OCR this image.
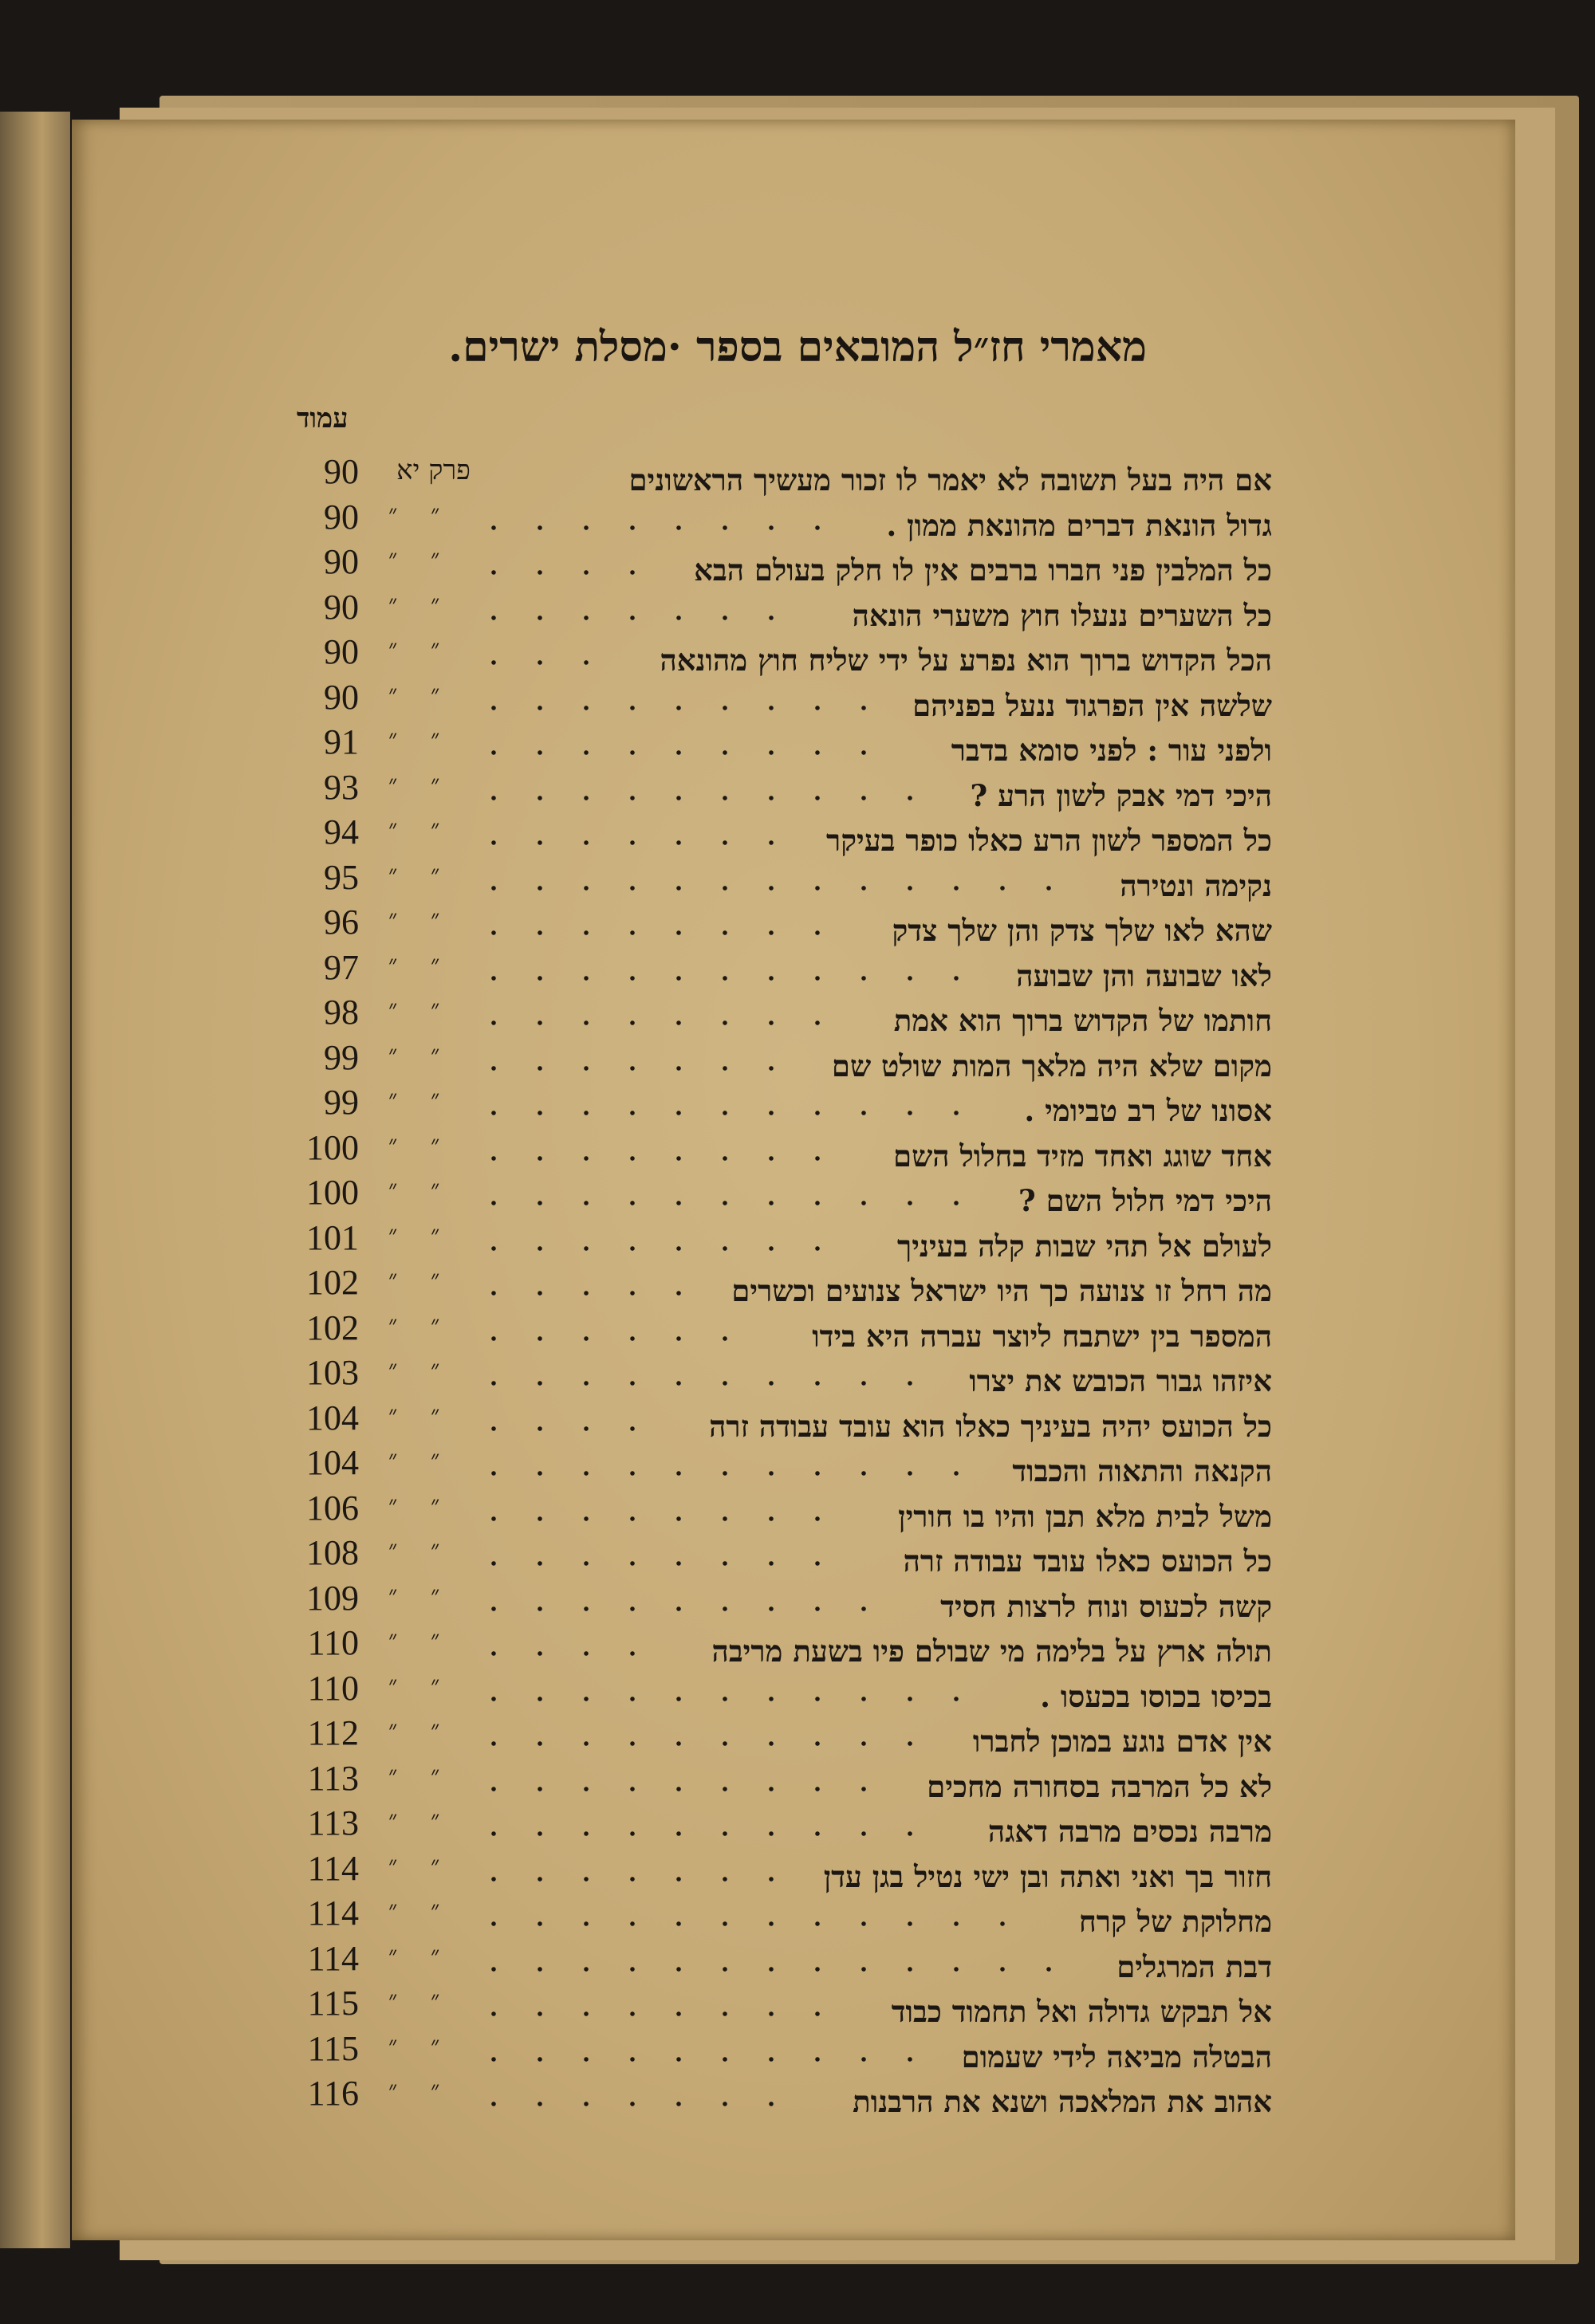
מאמרי חז״ל המובאים בספר ·מסלת ישרים.
עמוד
90	פרק יא	אם היה בעל תשובה לא יאמר לו זכור מעשיך הראשונים
90 ״ ״	גדול הונאת דברים מהונאת ממון .
90 ״ ״	כל המלבין פני חברו ברבים אין לו חלק בעולם הבא
90 ״ ״	כל השערים ננעלו חוץ משערי הונאה
90 ״ ״	הכל הקדוש ברוך הוא נפרע על ידי שליח חוץ מהונאה
90 ״ ״	שלשה אין הפרגוד ננעל בפניהם
91 ״ ״	ולפני עור : לפני סומא בדבר
93 ״ ״	היכי דמי אבק לשון הרע ?
94 ״ ״	כל המספר לשון הרע כאלו כופר בעיקר
95 ״ ״	נקימה ונטירה
96 ״ ״	שהא לאו שלך צדק והן שלך צדק
97 ״ ״	לאו שבועה והן שבועה
98 ״ ״	חותמו של הקדוש ברוך הוא אמת
99 ״ ״	מקום שלא היה מלאך המות שולט שם
99 ״ ״	אסונו של רב טביומי .
100 ״ ״	אחד שוגג ואחד מזיד בחלול השם
100 ״ ״	היכי דמי חלול השם ?
101 ״ ״	לעולם אל תהי שבות קלה בעיניך
102 ״ ״	מה רחל זו צנועה כך היו ישראל צנועים וכשרים
102 ״ ״	המספר בין ישתבח ליוצר עברה היא בידו
103 ״ ״	איזהו גבור הכובש את יצרו
104 ״ ״	כל הכועס יהיה בעיניך כאלו הוא עובד עבודה זרה
104 ״ ״	הקנאה והתאוה והכבוד
106 ״ ״	משל לבית מלא תבן והיו בו חורין
108 ״ ״	כל הכועס כאלו עובד עבודה זרה
109 ״ ״	קשה לכעוס ונוח לרצות חסיד
110 ״ ״	תולה ארץ על בלימה מי שבולם פיו בשעת מריבה
110 ״ ״	בכיסו בכוסו בכעסו .
112 ״ ״	אין אדם נוגע במוכן לחברו
113 ״ ״	לא כל המרבה בסחורה מחכים
113 ״ ״	מרבה נכסים מרבה דאגה
114 ״ ״	חזור בך ואני ואתה ובן ישי נטיל בגן עדן
114 ״ ״	מחלוקת של קרח
114 ״ ״	דבת המרגלים
115 ״ ״	אל תבקש גדולה ואל תחמוד כבוד
115 ״ ״	הבטלה מביאה לידי שעמום
116 ״ ״	אהוב את המלאכה ושנא את הרבנות
